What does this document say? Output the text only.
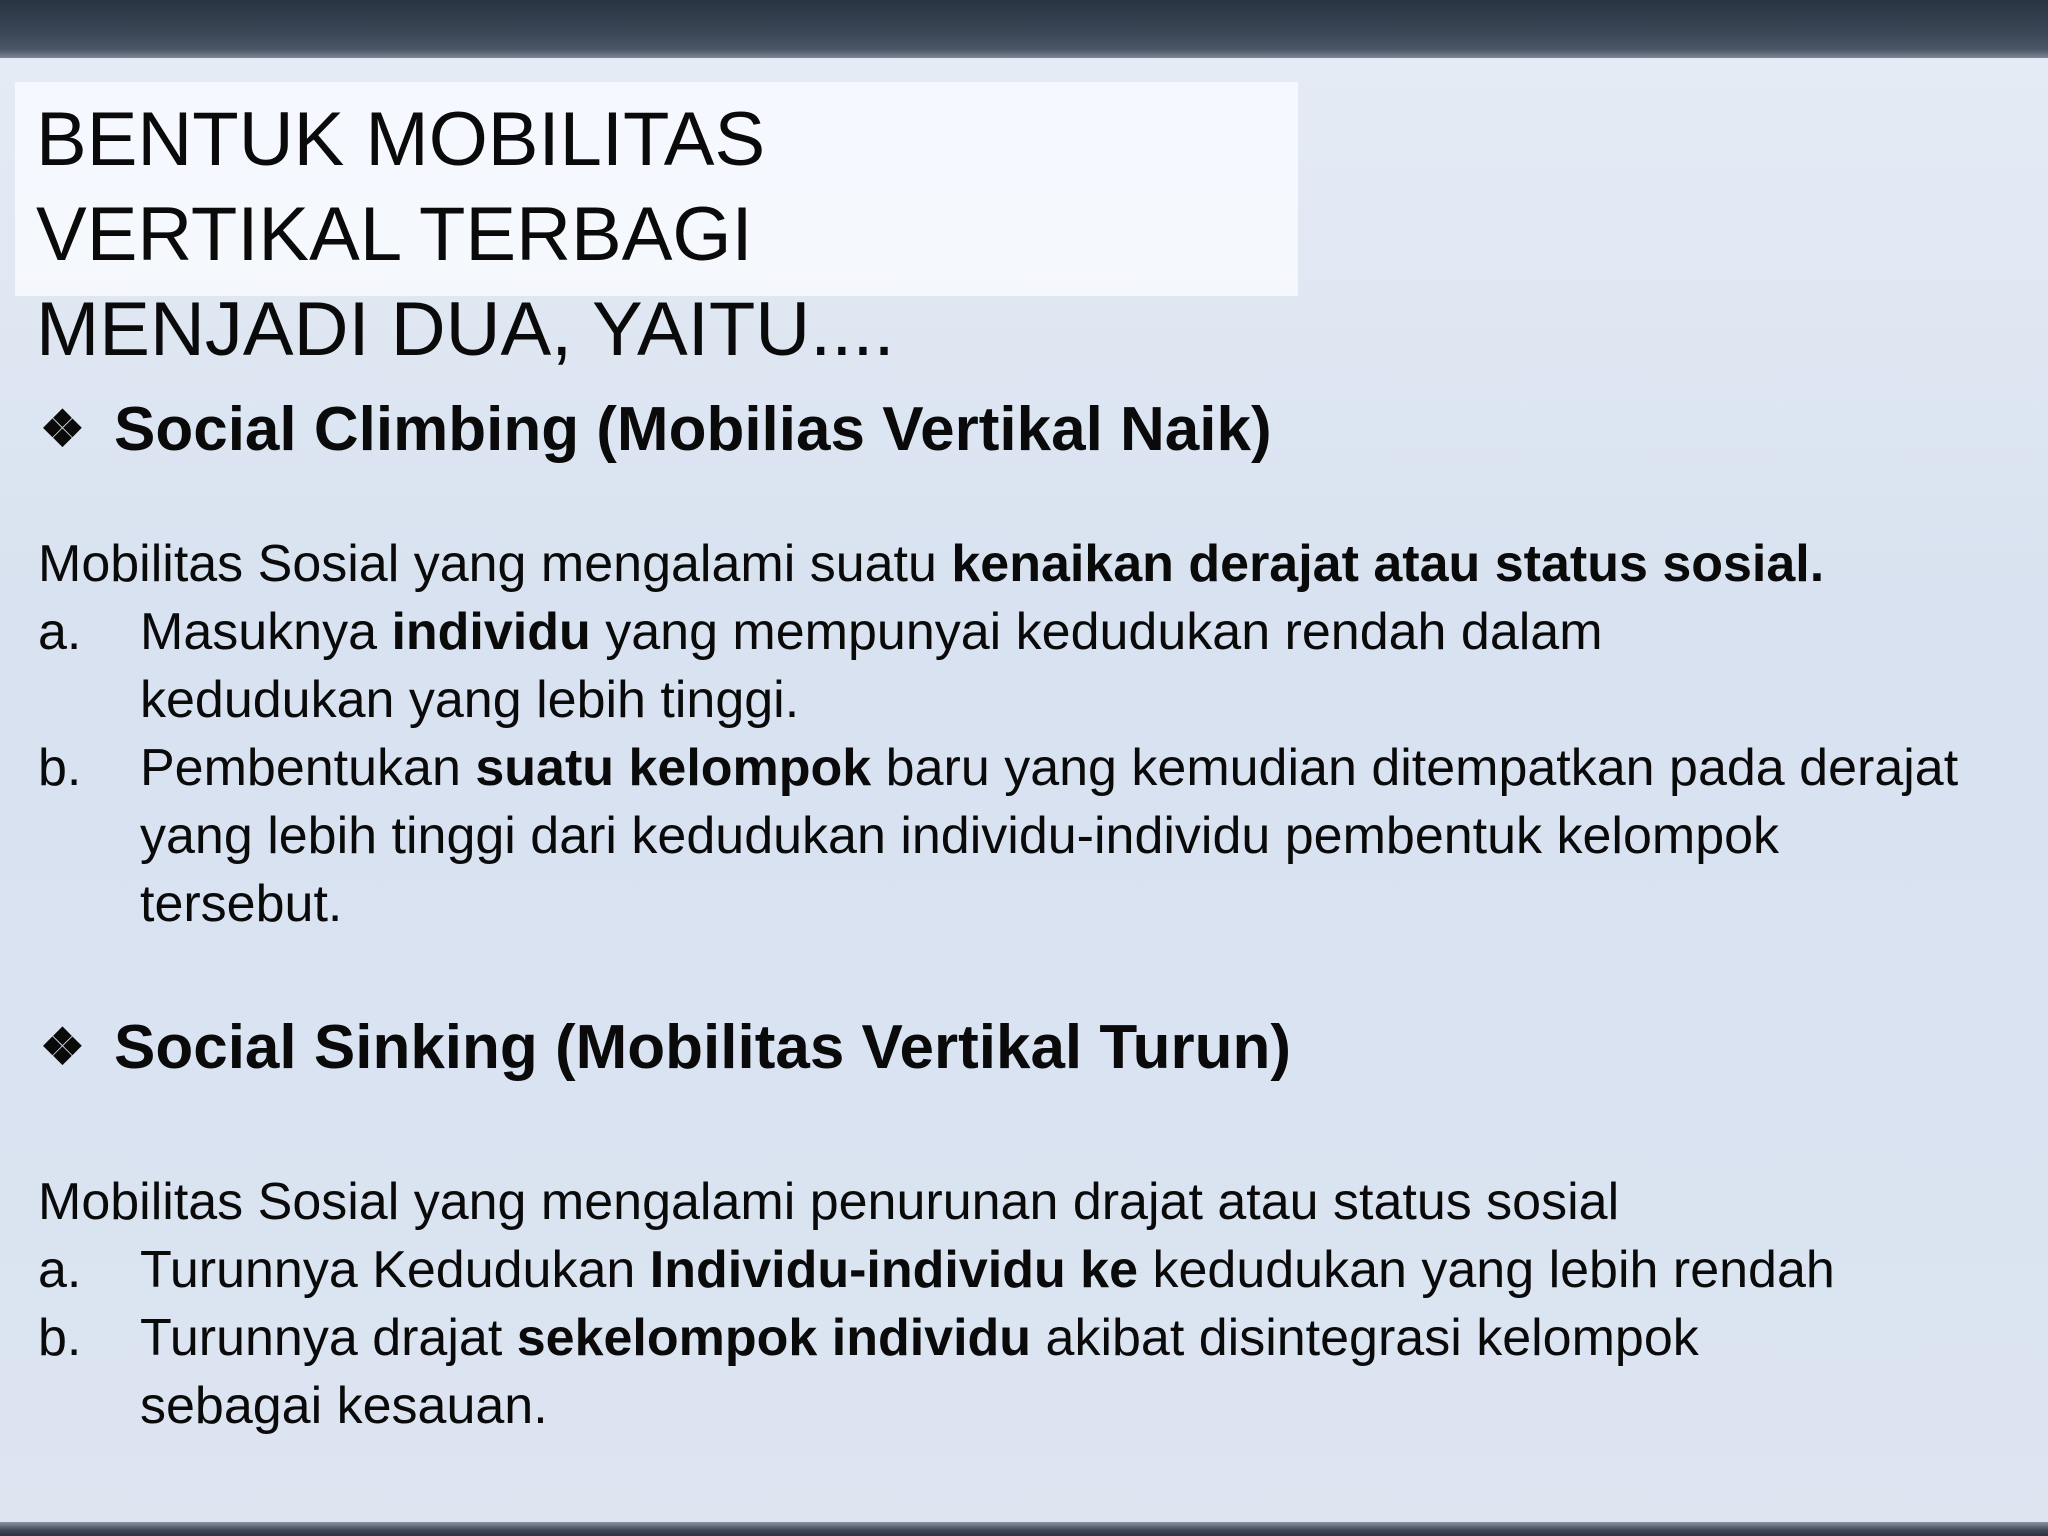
BENTUK MOBILITAS
VERTIKAL TERBAGI
MENJADI DUA, YAITU....
❖ Social Climbing (Mobilias Vertikal Naik)

Mobilitas Sosial yang mengalami suatu kenaikan derajat atau status sosial.

a. Masuknya individu yang mempunyai kedudukan rendah dalam kedudukan yang lebih tinggi.
b. Pembentukan suatu kelompok baru yang kemudian ditempatkan pada derajat yang lebih tinggi dari kedudukan individu-individu pembentuk kelompok tersebut.
❖ Social Sinking (Mobilitas Vertikal Turun)

Mobilitas Sosial yang mengalami penurunan drajat atau status sosial

a. Turunnya Kedudukan Individu-individu ke kedudukan yang lebih rendah
b. Turunnya drajat sekelompok individu akibat disintegrasi kelompok sebagai kesauan.
